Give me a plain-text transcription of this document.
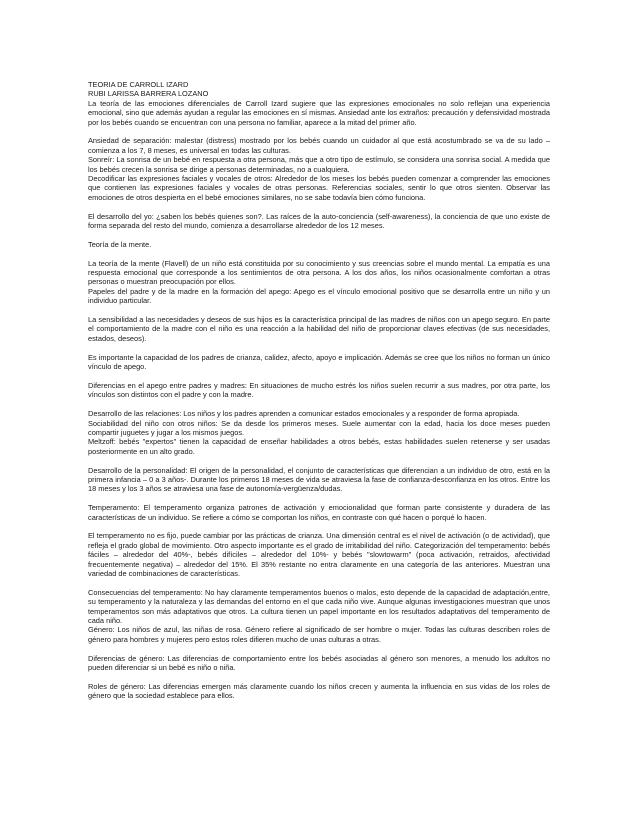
TEORIA DE CARROLL IZARD

RUBI LARISSA BARRERA LOZANO

La teoría de las emociones diferenciales de Carroll Izard sugiere que las expresiones emocionales no solo reflejan una experiencia emocional, sino que además ayudan a regular las emociones en sí mismas. Ansiedad ante los extraños: precaución y defensividad mostrada por los bebés cuando se encuentran con una persona no familiar, aparece a la mitad del primer año.

Ansiedad de separación: malestar (distress) mostrado por los bebés cuando un cuidador al que está acostumbrado se va de su lado – comienza a los 7, 8 meses, es universal en todas las culturas.
Sonreír: La sonrisa de un bebé en respuesta a otra persona, más que a otro tipo de estímulo, se considera una sonrisa social. A medida que los bebés crecen la sonrisa se dirige a personas determinadas, no a cualquiera.
Decodificar las expresiones faciales y vocales de otros: Alrededor de los meses los bebés pueden comenzar a comprender las emociones que contienen las expresiones faciales y vocales de otras personas. Referencias sociales, sentir lo que otros sienten. Observar las emociones de otros despierta en el bebé emociones similares, no se sabe todavía bien cómo funciona.

El desarrollo del yo: ¿saben los bebés quienes son?. Las raíces de la auto-conciencia (self-awareness), la conciencia de que uno existe de forma separada del resto del mundo, comienza a desarrollarse alrededor de los 12 meses.

Teoría de la mente.

La teoría de la mente (Flavell) de un niño está constituida por su conocimiento y sus creencias sobre el mundo mental. La empatía es una respuesta emocional que corresponde a los sentimientos de otra persona. A los dos años, los niños ocasionalmente comfortan a otras personas o muestran preocupación por ellos.
Papeles del padre y de la madre en la formación del apego: Apego es el vínculo emocional positivo que se desarrolla entre un niño y un individuo particular.

La sensibilidad a las necesidades y deseos de sus hijos es la característica principal de las madres de niños con un apego seguro. En parte el comportamiento de la madre con el niño es una reacción a la habilidad del niño de proporcionar claves efectivas (de sus necesidades, estados, deseos).

Es importante la capacidad de los padres de crianza, calidez, afecto, apoyo e implicación. Además se cree que los niños no forman un único vínculo de apego.

Diferencias en el apego entre padres y madres: En situaciones de mucho estrés los niños suelen recurrir a sus madres, por otra parte, los vínculos son distintos con el padre y con la madre.

Desarrollo de las relaciones: Los niños y los padres aprenden a comunicar estados emocionales y a responder de forma apropiada.
Sociabilidad del niño con otros niños: Se da desde los primeros meses. Suele aumentar con la edad, hacia los doce meses pueden compartir juguetes y jugar a los mismos juegos.
Meltzoff: bebés "expertos" tienen la capacidad de enseñar habilidades a otros bebés, estas habilidades suelen retenerse y ser usadas posteriormente en un alto grado.

Desarrollo de la personalidad: El origen de la personalidad, el conjunto de características que diferencian a un individuo de otro, está en la primera infancia – 0 a 3 años-. Durante los primeros 18 meses de vida se atraviesa la fase de confianza-desconfianza en los otros. Entre los 18 meses y los 3 años se atraviesa una fase de autonomía-vergüenza/dudas.

Temperamento: El temperamento organiza patrones de activación y emocionalidad que forman parte consistente y duradera de las características de un individuo. Se refiere a cómo se comportan los niños, en contraste con qué hacen o porqué lo hacen.

El temperamento no es fijo, puede cambiar por las prácticas de crianza. Una dimensión central es el nivel de activación (o de actividad), que refleja el grado global de movimiento. Otro aspecto importante es el grado de irritabilidad del niño. Categorización del temperamento: bebés fáciles – alrededor del 40%-, bebés difíciles – alrededor del 10%- y bebés "slowtowarm" (poca activación, retraidos, afectividad frecuentemente negativa) – alrededor del 15%. El 35% restante no entra claramente en una categoría de las anteriores. Muestran una variedad de combinaciones de características.

Consecuencias del temperamento: No hay claramente temperamentos buenos o malos, esto depende de la capacidad de adaptación,entre, su temperamento y la naturaleza y las demandas del entorno en el que cada niño vive. Aunque algunas investigaciones muestran que unos temperamentos son más adaptativos que otros. La cultura tienen un papel importante en los resultados adaptativos del temperamento de cada niño.
Género: Los niños de azul, las niñas de rosa. Género refiere al significado de ser hombre o mujer. Todas las culturas describen roles de género para hombres y mujeres pero estos roles difieren mucho de unas culturas a otras.

Diferencias de género: Las diferencias de comportamiento entre los bebés asociadas al género son menores, a menudo los adultos no pueden diferenciar si un bebé es niño o niña.

Roles de género: Las diferencias emergen más claramente cuando los niños crecen y aumenta la influencia en sus vidas de los roles de género que la sociedad establece para ellos.
